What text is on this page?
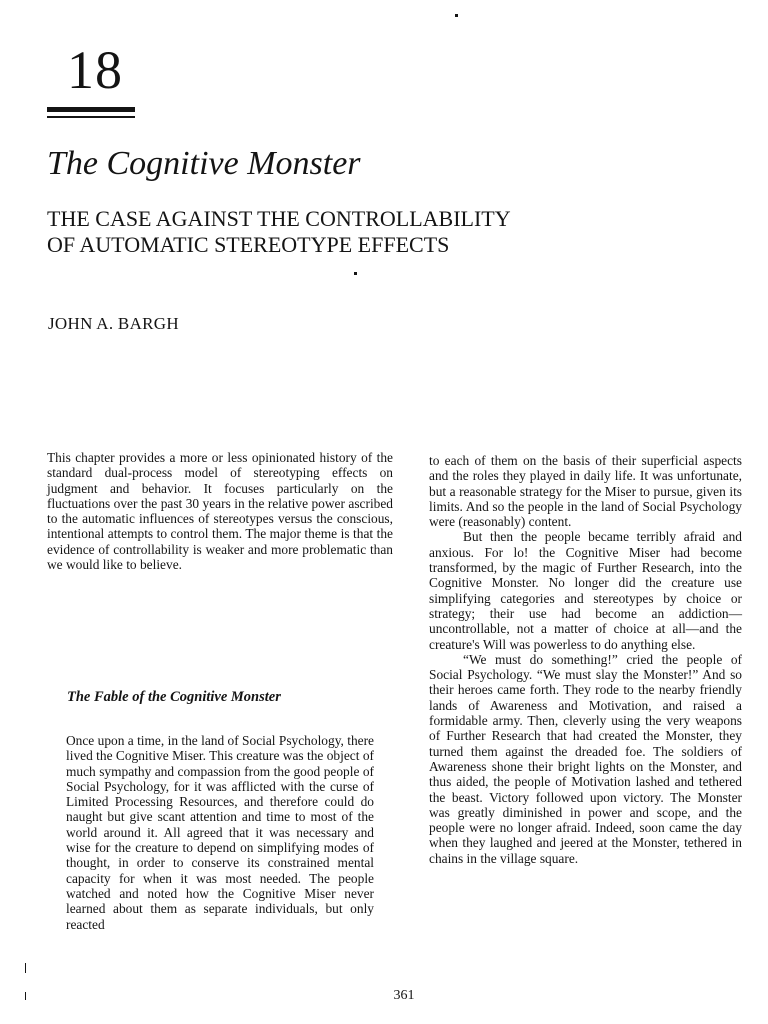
18
The Cognitive Monster
THE CASE AGAINST THE CONTROLLABILITY
OF AUTOMATIC STEREOTYPE EFFECTS
JOHN A. BARGH

This chapter provides a more or less opinionated history of the standard dual-process model of stereotyping effects on judgment and behavior. It focuses particularly on the fluctuations over the past 30 years in the relative power ascribed to the automatic influences of stereotypes versus the conscious, intentional attempts to control them. The major theme is that the evidence of controllability is weaker and more problematic than we would like to believe.

The Fable of the Cognitive Monster

Once upon a time, in the land of Social Psychology, there lived the Cognitive Miser. This creature was the object of much sympathy and compassion from the good people of Social Psychology, for it was afflicted with the curse of Limited Processing Resources, and therefore could do naught but give scant attention and time to most of the world around it. All agreed that it was necessary and wise for the creature to depend on simplifying modes of thought, in order to conserve its constrained mental capacity for when it was most needed. The people watched and noted how the Cognitive Miser never learned about them as separate individuals, but only reacted

to each of them on the basis of their superficial aspects and the roles they played in daily life. It was unfortunate, but a reasonable strategy for the Miser to pursue, given its limits. And so the people in the land of Social Psychology were (reasonably) content.

But then the people became terribly afraid and anxious. For lo! the Cognitive Miser had become transformed, by the magic of Further Research, into the Cognitive Monster. No longer did the creature use simplifying categories and stereotypes by choice or strategy; their use had become an addiction—uncontrollable, not a matter of choice at all—and the creature's Will was powerless to do anything else.

“We must do something!” cried the people of Social Psychology. “We must slay the Monster!” And so their heroes came forth. They rode to the nearby friendly lands of Awareness and Motivation, and raised a formidable army. Then, cleverly using the very weapons of Further Research that had created the Monster, they turned them against the dreaded foe. The soldiers of Awareness shone their bright lights on the Monster, and thus aided, the people of Motivation lashed and tethered the beast. Victory followed upon victory. The Monster was greatly diminished in power and scope, and the people were no longer afraid. Indeed, soon came the day when they laughed and jeered at the Monster, tethered in chains in the village square.

361
